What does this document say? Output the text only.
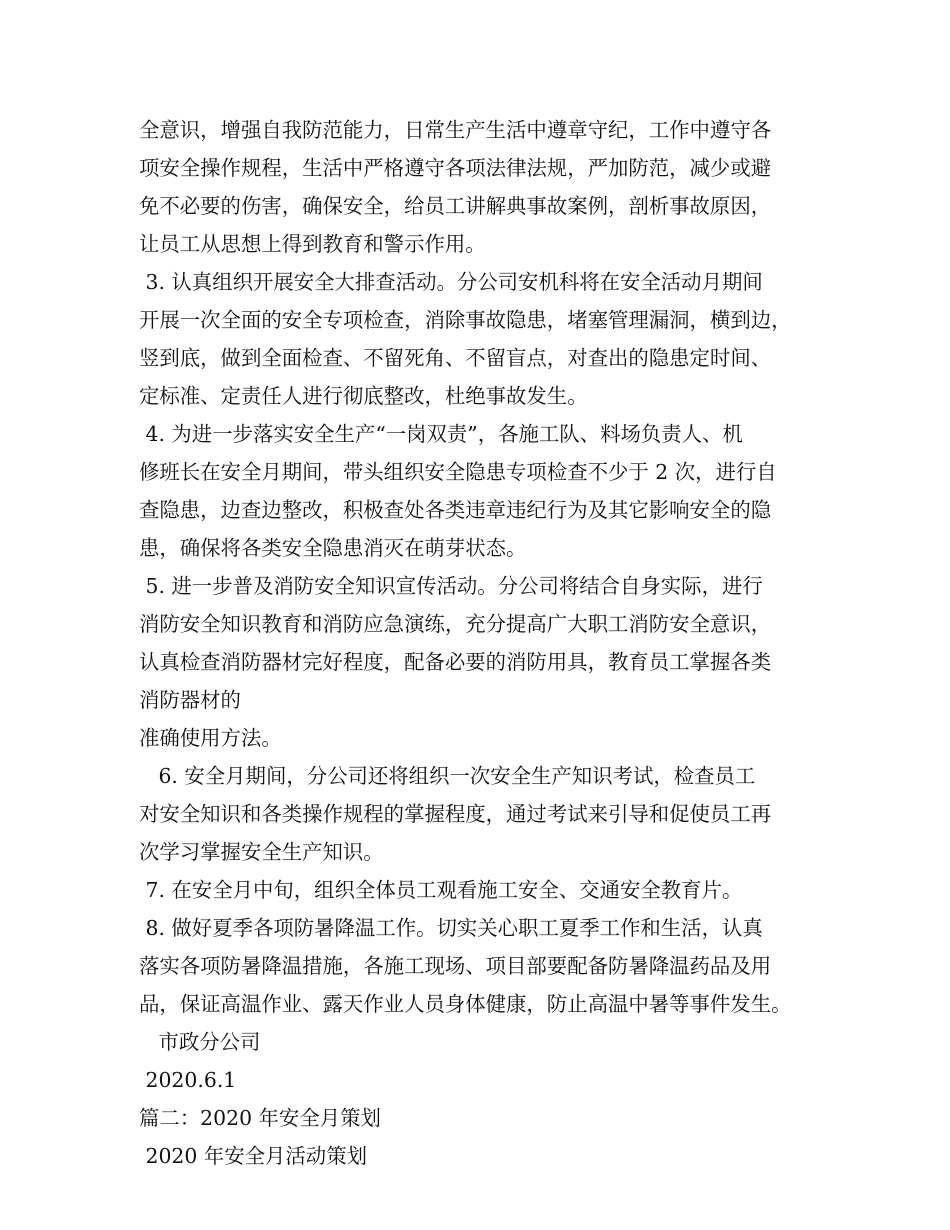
全意识，增强自我防范能力，日常生产生活中遵章守纪，工作中遵守各
项安全操作规程，生活中严格遵守各项法律法规，严加防范，减少或避
免不必要的伤害，确保安全，给员工讲解典事故案例，剖析事故原因，
让员工从思想上得到教育和警示作用。
3. 认真组织开展安全大排查活动。分公司安机科将在安全活动月期间
开展一次全面的安全专项检查，消除事故隐患，堵塞管理漏洞，横到边，
竖到底，做到全面检查、不留死角、不留盲点，对查出的隐患定时间、
定标准、定责任人进行彻底整改，杜绝事故发生。
4. 为进一步落实安全生产“一岗双责”，各施工队、料场负责人、机
修班长在安全月期间，带头组织安全隐患专项检查不少于 2 次，进行自
查隐患，边查边整改，积极查处各类违章违纪行为及其它影响安全的隐
患，确保将各类安全隐患消灭在萌芽状态。
5. 进一步普及消防安全知识宣传活动。分公司将结合自身实际，进行
消防安全知识教育和消防应急演练，充分提高广大职工消防安全意识，
认真检查消防器材完好程度，配备必要的消防用具，教育员工掌握各类
消防器材的
准确使用方法。
6. 安全月期间，分公司还将组织一次安全生产知识考试，检查员工
对安全知识和各类操作规程的掌握程度，通过考试来引导和促使员工再
次学习掌握安全生产知识。
7. 在安全月中旬，组织全体员工观看施工安全、交通安全教育片。
8. 做好夏季各项防暑降温工作。切实关心职工夏季工作和生活，认真
落实各项防暑降温措施，各施工现场、项目部要配备防暑降温药品及用
品，保证高温作业、露天作业人员身体健康，防止高温中暑等事件发生。
市政分公司
2020.6.1
篇二：2020 年安全月策划
2020 年安全月活动策划
